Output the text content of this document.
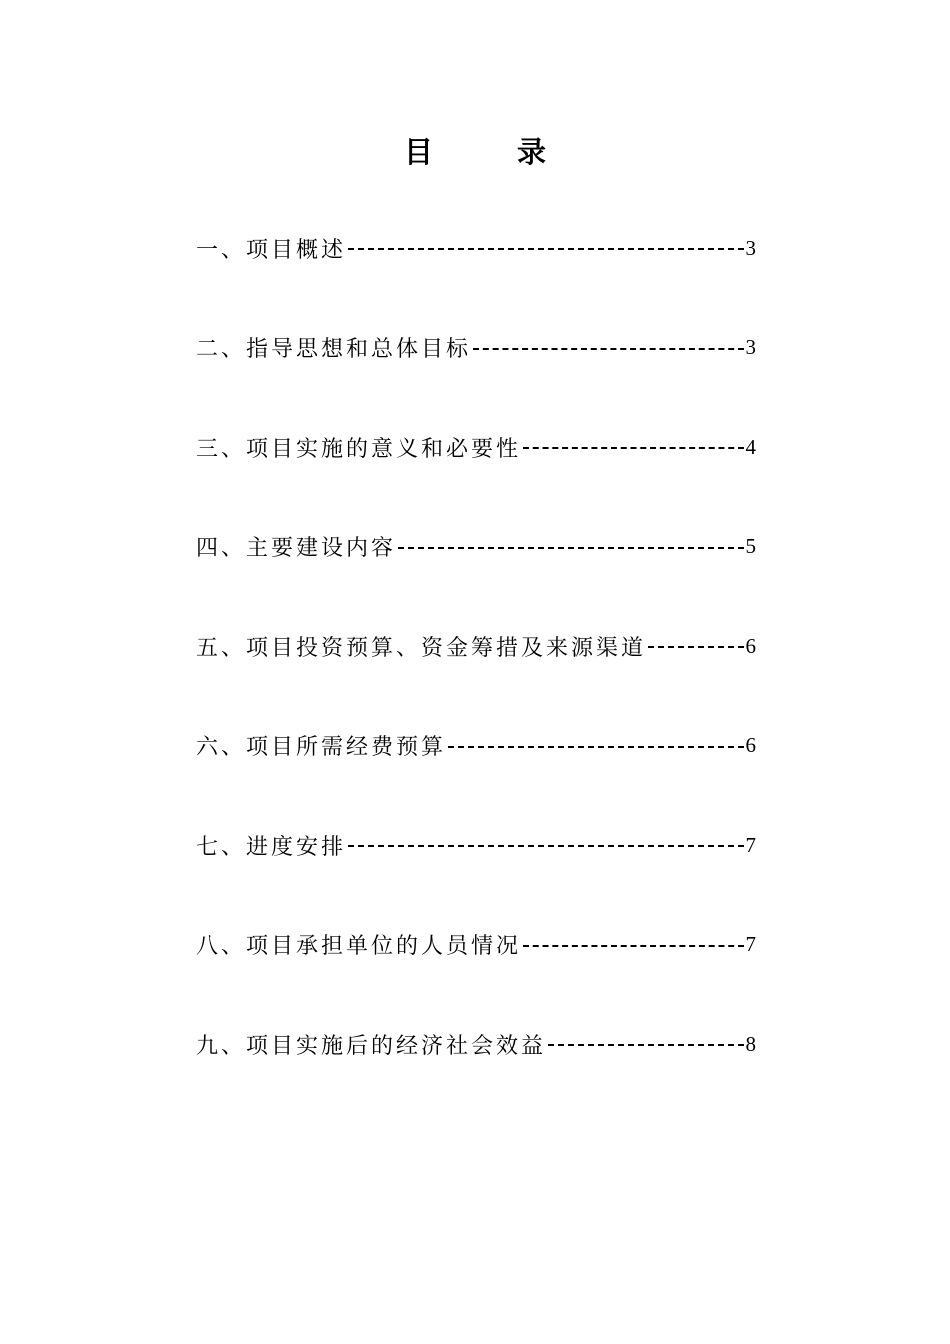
目	录
一、项目概述	3
二、指导思想和总体目标	3
三、项目实施的意义和必要性	4
四、主要建设内容	5
五、项目投资预算、资金筹措及来源渠道	6
六、项目所需经费预算	6
七、进度安排	7
八、项目承担单位的人员情况	7
九、项目实施后的经济社会效益	8
